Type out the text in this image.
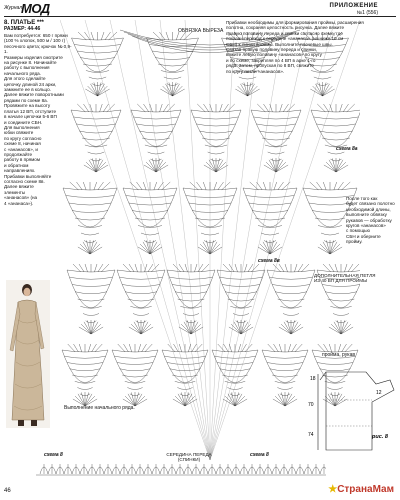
Журнал
МОД	ПРИЛОЖЕНИЕ
№1 (556)
8. ПЛАТЬЕ ***
РАЗМЕР: 44-46
Вам потребуется: 650 г пряжи
(100 % хлопок, 500 м / 100 г)
песочного цвета; крючок № 0,9-1.
Размеры изделия смотрите
на рисунке 8. Начинайте
работу с выполнения
начального ряда.
Для этого сделайте
цепочку длиной 24 арки,
замкните ее в кольцо.
Далее вяжите поворотными
рядами по схеме 8а.
Провяжите на высоту
платья 12 ВП, отступите
в начале цепочки 5-6 ВП
и соедините СБН.
Для выполнения
юбки свяжите
по кругу согласно
схеме 8, начиная
с «ананасов», и
продолжайте
работу в прямом
и обратном
направлениях.
Прибавки выполняйте
согласно схеме 8в.
Далее вяжите
элементы
«ананасов» (на
4 «ананаса»).
ОБВЯЗКА ВЫРЕЗА
схема 8а
схема 8в
схема 8	схема 8
ДОПОЛНИТЕЛЬНАЯ ПЕТЛЯ
ИЗ 40 ВП ДЛЯ ПРОЙМЫ
пройма, рукав
СЕРЕДИНА ПЕРЕДА
(СПИНКИ)
Выполнение начального ряда.
Прибавки необходимы для формирования проймы, расширения
полотна, сохраняя целостность рисунка. Далее вяжите
правую половину переда и спинки согласно схеме, где
показан переход к середине «ананаса» (на ниже 10 см
СБН) к линии проймы. Выполните плечевые швы.
Связав правую половину переда и спинки,
вяжите левую половину «ананасов» по кругу
и по схеме, закрепляя по 4 ВП в арке 1-го
ряда. Затем, пропуская по 8 ВП, свяжите
по кругу петли «ананасов».
После того как
будет связано полотно
необходимой длины,
выполните обвязку
рукавов — обработку
кругов «ананасов»
с помощью
СБН и оберните
пройму.
18
70
74
12
рис. 8
46	★СтранаМам
